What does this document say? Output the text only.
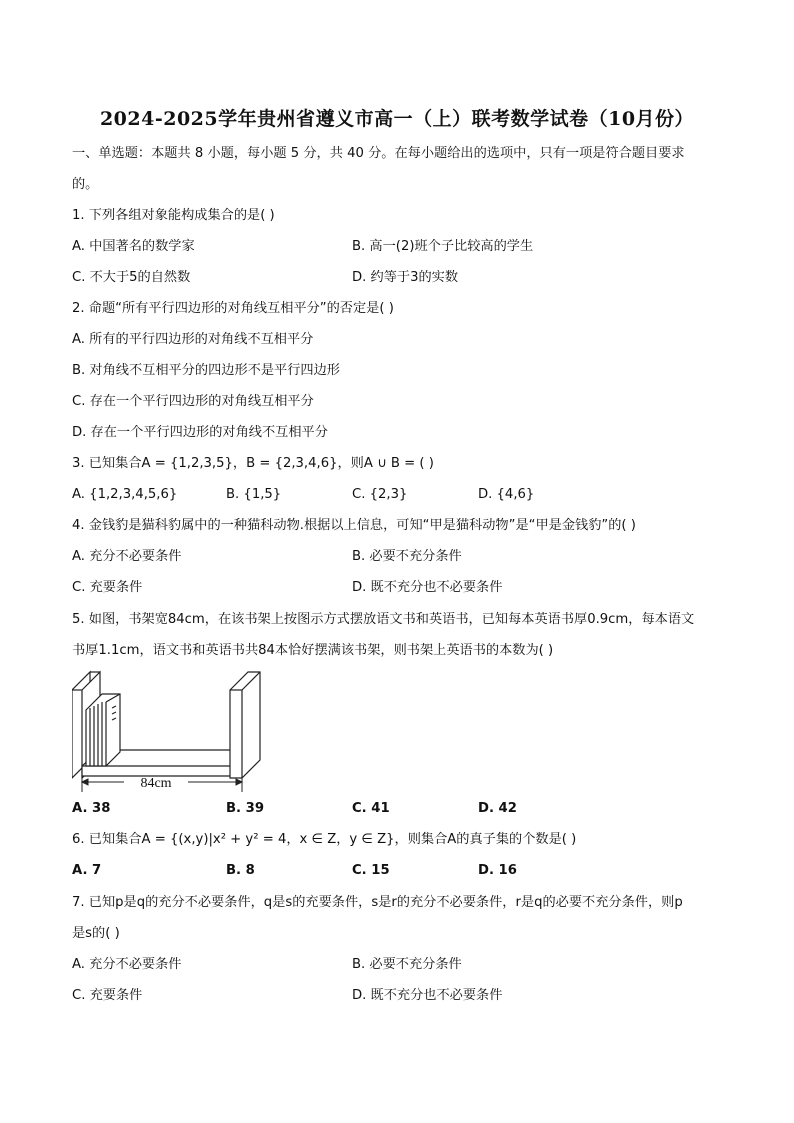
2024-2025学年贵州省遵义市高一（上）联考数学试卷（10月份）
一、单选题：本题共 8 小题，每小题 5 分，共 40 分。在每小题给出的选项中，只有一项是符合题目要求
的。
1. 下列各组对象能构成集合的是( )
A. 中国著名的数学家	B. 高一(2)班个子比较高的学生
C. 不大于5的自然数	D. 约等于3的实数
2. 命题“所有平行四边形的对角线互相平分”的否定是( )
A. 所有的平行四边形的对角线不互相平分
B. 对角线不互相平分的四边形不是平行四边形
C. 存在一个平行四边形的对角线互相平分
D. 存在一个平行四边形的对角线不互相平分
3. 已知集合A = {1,2,3,5}，B = {2,3,4,6}，则A ∪ B = ( )
A. {1,2,3,4,5,6}	B. {1,5}	C. {2,3}	D. {4,6}
4. 金钱豹是猫科豹属中的一种猫科动物.根据以上信息，可知“甲是猫科动物”是“甲是金钱豹”的( )
A. 充分不必要条件	B. 必要不充分条件
C. 充要条件	D. 既不充分也不必要条件
5. 如图，书架宽84cm，在该书架上按图示方式摆放语文书和英语书，已知每本英语书厚0.9cm，每本语文
书厚1.1cm，语文书和英语书共84本恰好摆满该书架，则书架上英语书的本数为( )
84cm
A. 38	B. 39	C. 41	D. 42
6. 已知集合A = {(x,y)|x² + y² = 4，x ∈ Z，y ∈ Z}，则集合A的真子集的个数是( )
A. 7	B. 8	C. 15	D. 16
7. 已知p是q的充分不必要条件，q是s的充要条件，s是r的充分不必要条件，r是q的必要不充分条件，则p
是s的( )
A. 充分不必要条件	B. 必要不充分条件
C. 充要条件	D. 既不充分也不必要条件
